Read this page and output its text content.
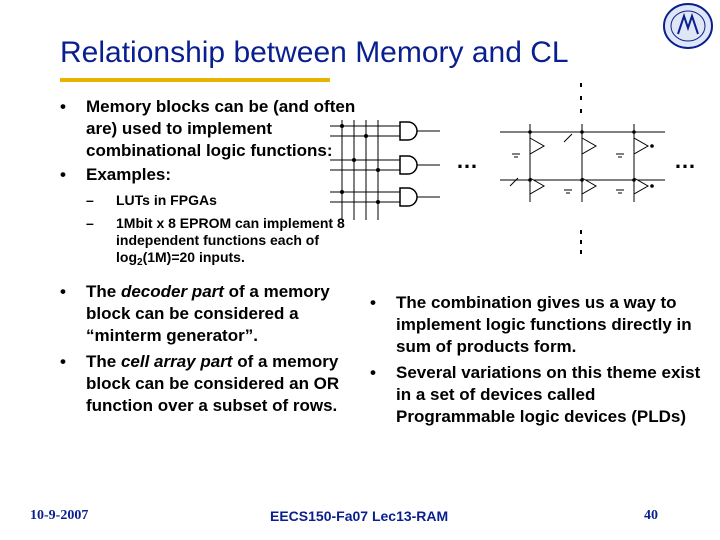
Relationship between Memory and CL
• Memory blocks can be (and often are) used to implement combinational logic functions:
• Examples:
– LUTs in FPGAs
– 1Mbit x 8 EPROM can implement 8 independent functions each of $\log_2(1M)=20$ inputs.
• The decoder part of a memory block can be considered a “minterm generator”.
• The cell array part of a memory block can be considered an OR function over a subset of rows.
• The combination gives us a way to implement logic functions directly in sum of products form.
• Several variations on this theme exist in a set of devices called Programmable logic devices (PLDs)
…	…
10-9-2007	EECS150-Fa07 Lec13-RAM	40
